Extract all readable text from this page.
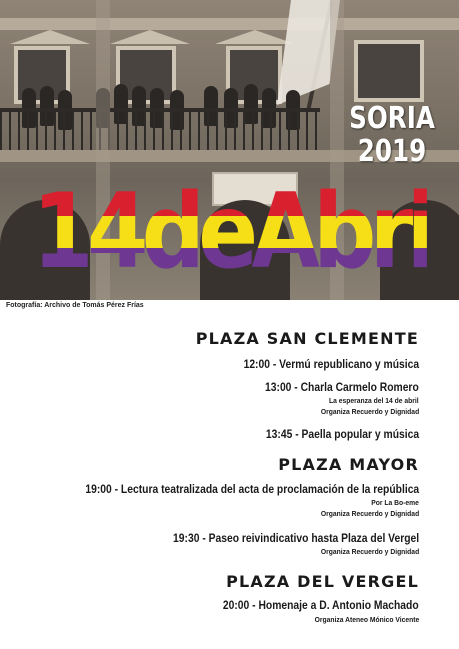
SORIA
2019
14deAbril
Fotografía: Archivo de Tomás Pérez Frías
PLAZA SAN CLEMENTE
12:00 - Vermú republicano y música
13:00 - Charla Carmelo Romero
La esperanza del 14 de abril
Organiza Recuerdo y Dignidad
13:45 - Paella popular y música
PLAZA MAYOR
19:00 - Lectura teatralizada del acta de proclamación de la república
Por La Bo-eme
Organiza Recuerdo y Dignidad
19:30 - Paseo reivindicativo hasta Plaza del Vergel
Organiza Recuerdo y Dignidad
PLAZA DEL VERGEL
20:00 - Homenaje a D. Antonio Machado
Organiza Ateneo Mónico Vicente
